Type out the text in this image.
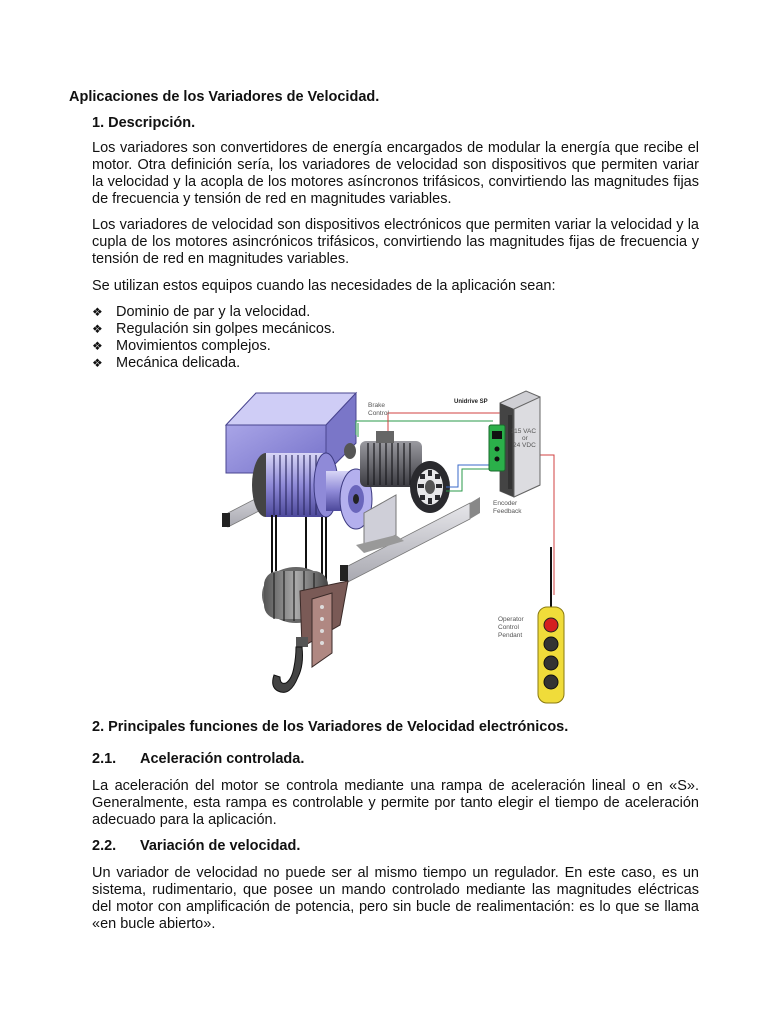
Aplicaciones de los Variadores de Velocidad.
1. Descripción.
Los variadores son convertidores de energía encargados de modular la energía que recibe el motor. Otra definición sería, los variadores de velocidad son dispositivos que permiten variar la velocidad y la acopla de los motores asíncronos trifásicos, convirtiendo las magnitudes fijas de frecuencia y tensión de red en magnitudes variables.
Los variadores de velocidad son dispositivos electrónicos que permiten variar la velocidad y la cupla de los motores asincrónicos trifásicos, convirtiendo las magnitudes fijas de frecuencia y tensión de red en magnitudes variables.
Se utilizan estos equipos cuando las necesidades de la aplicación sean:
❖ Dominio de par y la velocidad.
❖ Regulación sin golpes mecánicos.
❖ Movimientos complejos.
❖ Mecánica delicada.
Brake
Control
Unidrive SP
115 VAC
or
24 VDC
Encoder
Feedback
Operator
Control
Pendant
2. Principales funciones de los Variadores de Velocidad electrónicos.
2.1. Aceleración controlada.
La aceleración del motor se controla mediante una rampa de aceleración lineal o en «S». Generalmente, esta rampa es controlable y permite por tanto elegir el tiempo de aceleración adecuado para la aplicación.
2.2. Variación de velocidad.
Un variador de velocidad no puede ser al mismo tiempo un regulador. En este caso, es un sistema, rudimentario, que posee un mando controlado mediante las magnitudes eléctricas del motor con amplificación de potencia, pero sin bucle de realimentación: es lo que se llama «en bucle abierto».
